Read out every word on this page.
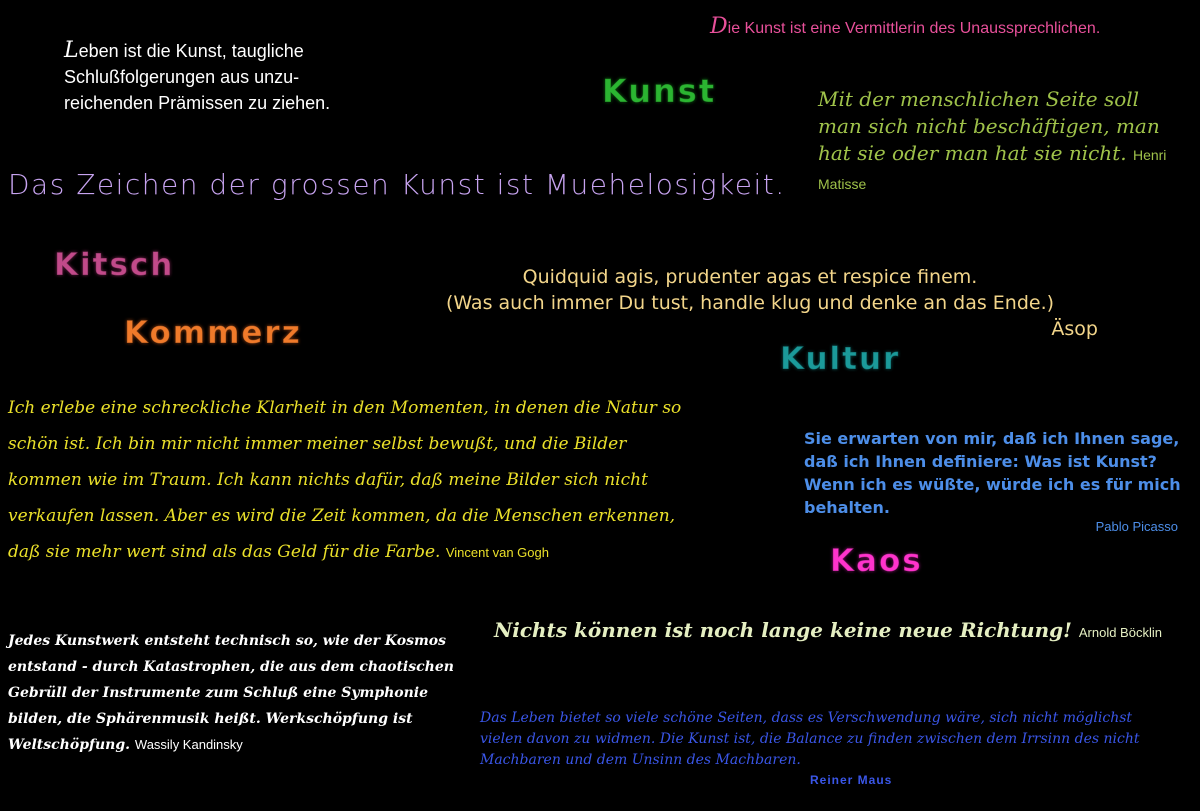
Leben ist die Kunst, taugliche Schlußfolgerungen aus unzu-reichenden Prämissen zu ziehen.
Die Kunst ist eine Vermittlerin des Unaussprechlichen.
Kunst	Mit der menschlichen Seite soll man sich nicht beschäftigen, man hat sie oder man hat sie nicht. Henri Matisse
Das Zeichen der grossen Kunst ist Muehelosigkeit.
Kitsch	Quidquid agis, prudenter agas et respice finem.
(Was auch immer Du tust, handle klug und denke an das Ende.)
Äsop
Kommerz
Kultur
Ich erlebe eine schreckliche Klarheit in den Momenten, in denen die Natur so schön ist. Ich bin mir nicht immer meiner selbst bewußt, und die Bilder kommen wie im Traum. Ich kann nichts dafür, daß meine Bilder sich nicht verkaufen lassen. Aber es wird die Zeit kommen, da die Menschen erkennen, daß sie mehr wert sind als das Geld für die Farbe. Vincent van Gogh
Sie erwarten von mir, daß ich Ihnen sage, daß ich Ihnen definiere: Was ist Kunst? Wenn ich es wüßte, würde ich es für mich behalten.
Pablo Picasso
Kaos
Nichts können ist noch lange keine neue Richtung! Arnold Böcklin
Jedes Kunstwerk entsteht technisch so, wie der Kosmos entstand - durch Katastrophen, die aus dem chaotischen Gebrüll der Instrumente zum Schluß eine Symphonie bilden, die Sphärenmusik heißt. Werkschöpfung ist Weltschöpfung. Wassily Kandinsky
Das Leben bietet so viele schöne Seiten, dass es Verschwendung wäre, sich nicht möglichst vielen davon zu widmen. Die Kunst ist, die Balance zu finden zwischen dem Irrsinn des nicht Machbaren und dem Unsinn des Machbaren.
Reiner Maus
